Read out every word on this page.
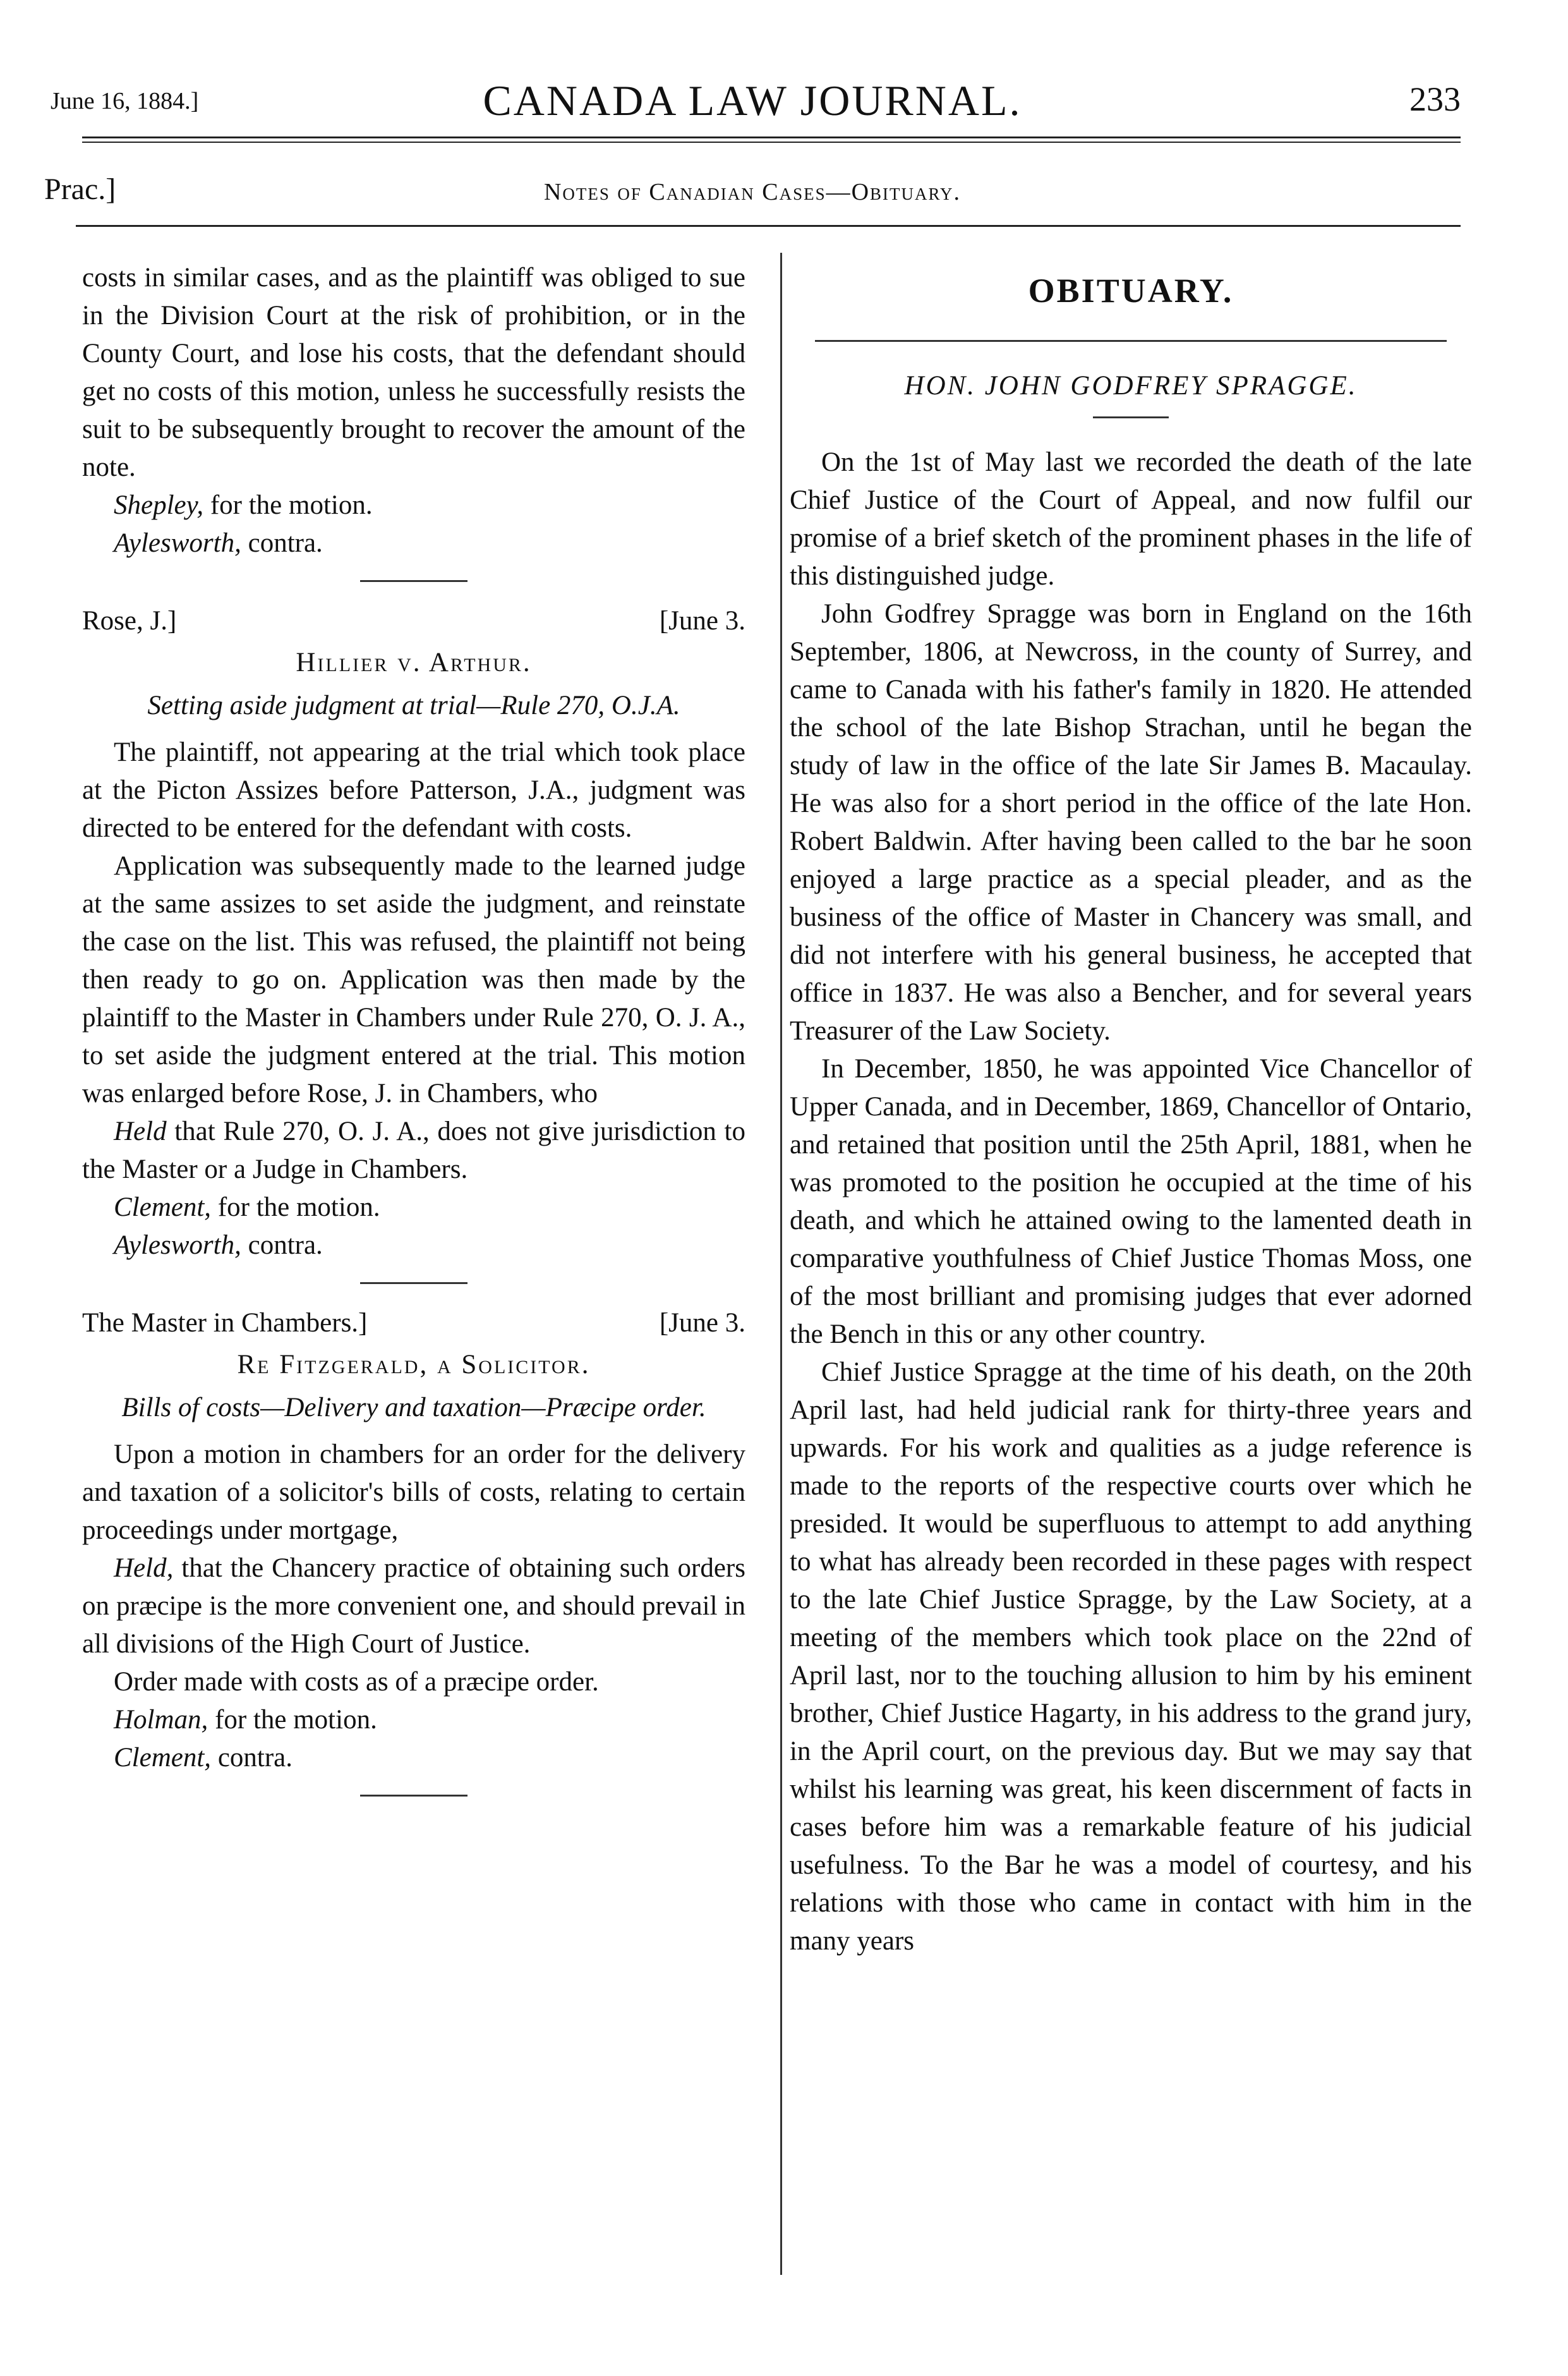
June 16, 1884.]	CANADA LAW JOURNAL.	233
Prac.]	Notes of Canadian Cases—Obituary.

costs in similar cases, and as the plaintiff was obliged to sue in the Division Court at the risk of prohibition, or in the County Court, and lose his costs, that the defendant should get no costs of this motion, unless he successfully resists the suit to be subsequently brought to recover the amount of the note.

Shepley, for the motion.

Aylesworth, contra.

Rose, J.]	[June 3.
Hillier v. Arthur.
Setting aside judgment at trial—Rule 270, O.J.A.

The plaintiff, not appearing at the trial which took place at the Picton Assizes before Patterson, J.A., judgment was directed to be entered for the defendant with costs.

Application was subsequently made to the learned judge at the same assizes to set aside the judgment, and reinstate the case on the list. This was refused, the plaintiff not being then ready to go on. Application was then made by the plaintiff to the Master in Chambers under Rule 270, O. J. A., to set aside the judgment entered at the trial. This motion was enlarged before Rose, J. in Chambers, who

Held that Rule 270, O. J. A., does not give jurisdiction to the Master or a Judge in Chambers.

Clement, for the motion.

Aylesworth, contra.

The Master in Chambers.]	[June 3.
Re Fitzgerald, a Solicitor.
Bills of costs—Delivery and taxation—Præcipe order.

Upon a motion in chambers for an order for the delivery and taxation of a solicitor's bills of costs, relating to certain proceedings under mortgage,

Held, that the Chancery practice of obtaining such orders on præcipe is the more convenient one, and should prevail in all divisions of the High Court of Justice.

Order made with costs as of a præcipe order.

Holman, for the motion.

Clement, contra.

OBITUARY.
HON. JOHN GODFREY SPRAGGE.

On the 1st of May last we recorded the death of the late Chief Justice of the Court of Appeal, and now fulfil our promise of a brief sketch of the prominent phases in the life of this distinguished judge.

John Godfrey Spragge was born in England on the 16th September, 1806, at Newcross, in the county of Surrey, and came to Canada with his father's family in 1820. He attended the school of the late Bishop Strachan, until he began the study of law in the office of the late Sir James B. Macaulay. He was also for a short period in the office of the late Hon. Robert Baldwin. After having been called to the bar he soon enjoyed a large practice as a special pleader, and as the business of the office of Master in Chancery was small, and did not interfere with his general business, he accepted that office in 1837. He was also a Bencher, and for several years Treasurer of the Law Society.

In December, 1850, he was appointed Vice Chancellor of Upper Canada, and in December, 1869, Chancellor of Ontario, and retained that position until the 25th April, 1881, when he was promoted to the position he occupied at the time of his death, and which he attained owing to the lamented death in comparative youthfulness of Chief Justice Thomas Moss, one of the most brilliant and promising judges that ever adorned the Bench in this or any other country.

Chief Justice Spragge at the time of his death, on the 20th April last, had held judicial rank for thirty-three years and upwards. For his work and qualities as a judge reference is made to the reports of the respective courts over which he presided. It would be superfluous to attempt to add anything to what has already been recorded in these pages with respect to the late Chief Justice Spragge, by the Law Society, at a meeting of the members which took place on the 22nd of April last, nor to the touching allusion to him by his eminent brother, Chief Justice Hagarty, in his address to the grand jury, in the April court, on the previous day. But we may say that whilst his learning was great, his keen discernment of facts in cases before him was a remarkable feature of his judicial usefulness. To the Bar he was a model of courtesy, and his relations with those who came in contact with him in the many years
